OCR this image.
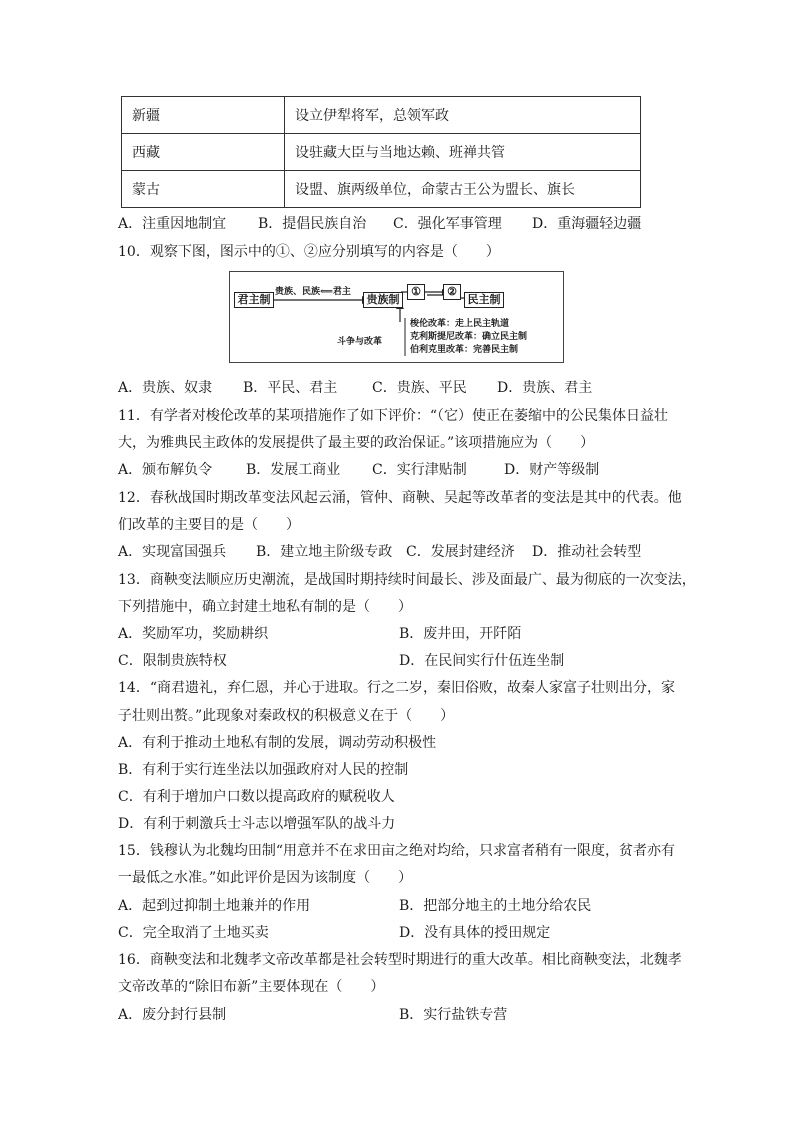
新疆	设立伊犁将军，总领军政
西藏	设驻藏大臣与当地达赖、班禅共管
蒙古	设盟、旗两级单位，命蒙古王公为盟长、旗长
A．注重因地制宜 B．提倡民族自治 C．强化军事管理 D．重海疆轻边疆
10．观察下图，图示中的①、②应分别填写的内容是（　　）
君主制
贵族、民族⟸君主
贵族制
①	②
民主制
斗争与改革
梭伦改革：走上民主轨道
克利斯提尼改革：确立民主制
伯利克里改革：完善民主制
A．贵族、奴隶 B．平民、君主 C．贵族、平民 D．贵族、君主
11．有学者对梭伦改革的某项措施作了如下评价：“（它）使正在萎缩中的公民集体日益壮
大，为雅典民主政体的发展提供了最主要的政治保证。”该项措施应为（　　）
A．颁布解负令 B．发展工商业 C．实行津贴制	D．财产等级制
12．春秋战国时期改革变法风起云涌，管仲、商鞅、吴起等改革者的变法是其中的代表。他
们改革的主要目的是（　　）
A．实现富国强兵 B．建立地主阶级专政 C．发展封建经济 D．推动社会转型
13．商鞅变法顺应历史潮流，是战国时期持续时间最长、涉及面最广、最为彻底的一次变法，
下列措施中，确立封建土地私有制的是（　　）
A．奖励军功，奖励耕织	B．废井田，开阡陌
C．限制贵族特权	D．在民间实行什伍连坐制
14．“商君遗礼，弃仁恩，并心于进取。行之二岁，秦旧俗败，故秦人家富子壮则出分，家
子壮则出赘。”此现象对秦政权的积极意义在于（　　）
A．有利于推动土地私有制的发展，调动劳动积极性
B．有利于实行连坐法以加强政府对人民的控制
C．有利于增加户口数以提高政府的赋税收人
D．有利于刺激兵士斗志以增强军队的战斗力
15．钱穆认为北魏均田制“用意并不在求田亩之绝对均给，只求富者稍有一限度，贫者亦有
一最低之水准。”如此评价是因为该制度（　　）
A．起到过抑制土地兼并的作用	B．把部分地主的土地分给农民
C．完全取消了土地买卖	D．没有具体的授田规定
16．商鞅变法和北魏孝文帝改革都是社会转型时期进行的重大改革。相比商鞅变法，北魏孝
文帝改革的“除旧布新”主要体现在（　　）
A．废分封行县制	B．实行盐铁专营
